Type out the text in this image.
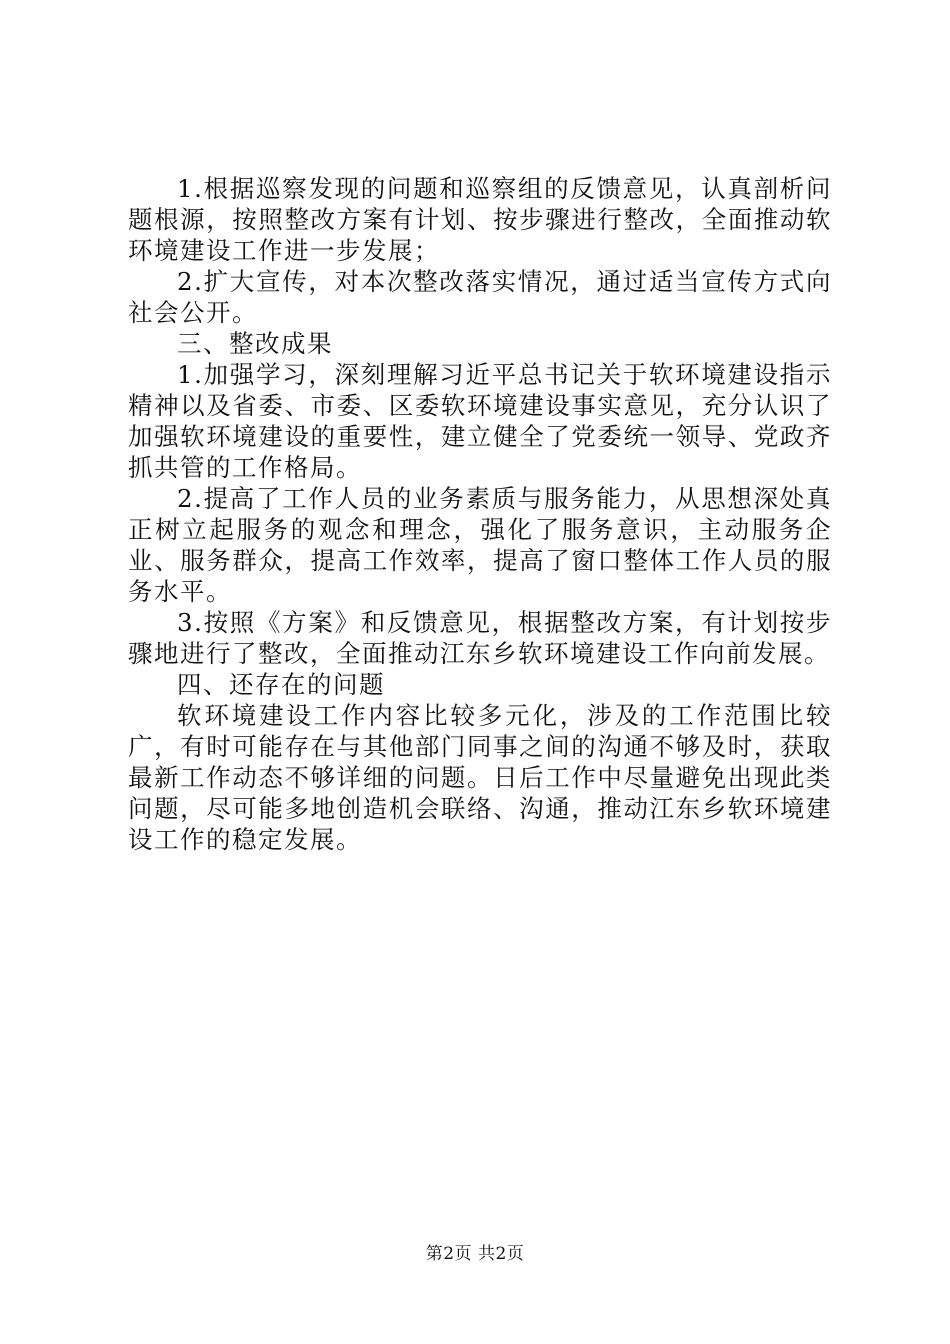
1.根据巡察发现的问题和巡察组的反馈意见，认真剖析问题根源，按照整改方案有计划、按步骤进行整改，全面推动软环境建设工作进一步发展；

2.扩大宣传，对本次整改落实情况，通过适当宣传方式向社会公开。

三、整改成果

1.加强学习，深刻理解习近平总书记关于软环境建设指示精神以及省委、市委、区委软环境建设事实意见，充分认识了加强软环境建设的重要性，建立健全了党委统一领导、党政齐抓共管的工作格局。

2.提高了工作人员的业务素质与服务能力，从思想深处真正树立起服务的观念和理念，强化了服务意识，主动服务企业、服务群众，提高工作效率，提高了窗口整体工作人员的服务水平。

3.按照《方案》和反馈意见，根据整改方案，有计划按步骤地进行了整改，全面推动江东乡软环境建设工作向前发展。

四、还存在的问题

软环境建设工作内容比较多元化，涉及的工作范围比较广，有时可能存在与其他部门同事之间的沟通不够及时，获取最新工作动态不够详细的问题。日后工作中尽量避免出现此类问题，尽可能多地创造机会联络、沟通，推动江东乡软环境建设工作的稳定发展。

第2页 共2页
